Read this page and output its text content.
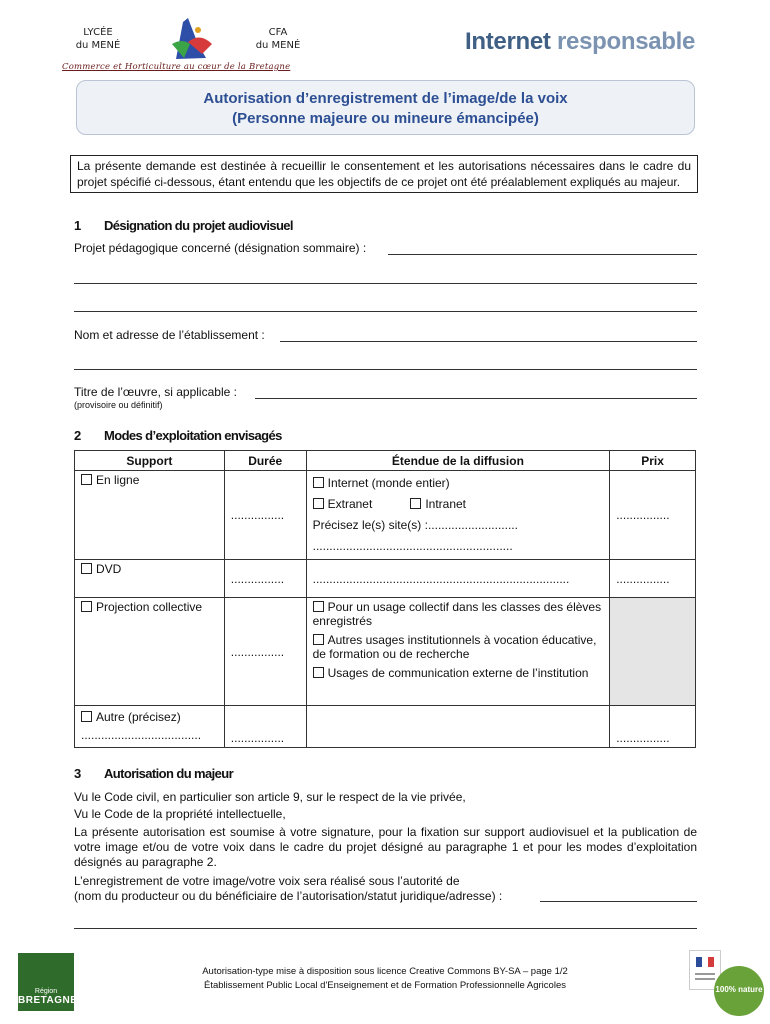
LYCÉE
du MENÉ
CFA
du MENÉ
Commerce et Horticulture au cœur de la Bretagne
Internet responsable
Autorisation d’enregistrement de l’image/de la voix
(Personne majeure ou mineure émancipée)
La présente demande est destinée à recueillir le consentement et les autorisations nécessaires dans le cadre du projet spécifié ci-dessous, étant entendu que les objectifs de ce projet ont été préalablement expliqués au majeur.
1 Désignation du projet audiovisuel
Projet pédagogique concerné (désignation sommaire) :
Nom et adresse de l’établissement :
Titre de l’œuvre, si applicable :
(provisoire ou définitif)
2 Modes d’exploitation envisagés
Support	Durée	Étendue de la diffusion	Prix
En ligne	................	Internet (monde entier)
Extranet Intranet
Précisez le(s) site(s) :...........................
............................................................	................
DVD	................	.............................................................................	................
Projection collective	................	Pour un usage collectif dans les classes des élèves enregistrés
Autres usages institutionnels à vocation éducative, de formation ou de recherche
Usages de communication externe de l’institution	

Autre (précisez)
....................................	................		................
3 Autorisation du majeur
Vu le Code civil, en particulier son article 9, sur le respect de la vie privée,
Vu le Code de la propriété intellectuelle,
La présente autorisation est soumise à votre signature, pour la fixation sur support audiovisuel et la publication de votre image et/ou de votre voix dans le cadre du projet désigné au paragraphe 1 et pour les modes d’exploitation désignés au paragraphe 2.
L’enregistrement de votre image/votre voix sera réalisé sous l’autorité de
(nom du producteur ou du bénéficiaire de l’autorisation/statut juridique/adresse) :
Région
BRETAGNE
Autorisation-type mise à disposition sous licence Creative Commons BY-SA – page 1/2
Établissement Public Local d'Enseignement et de Formation Professionnelle Agricoles	100% nature
